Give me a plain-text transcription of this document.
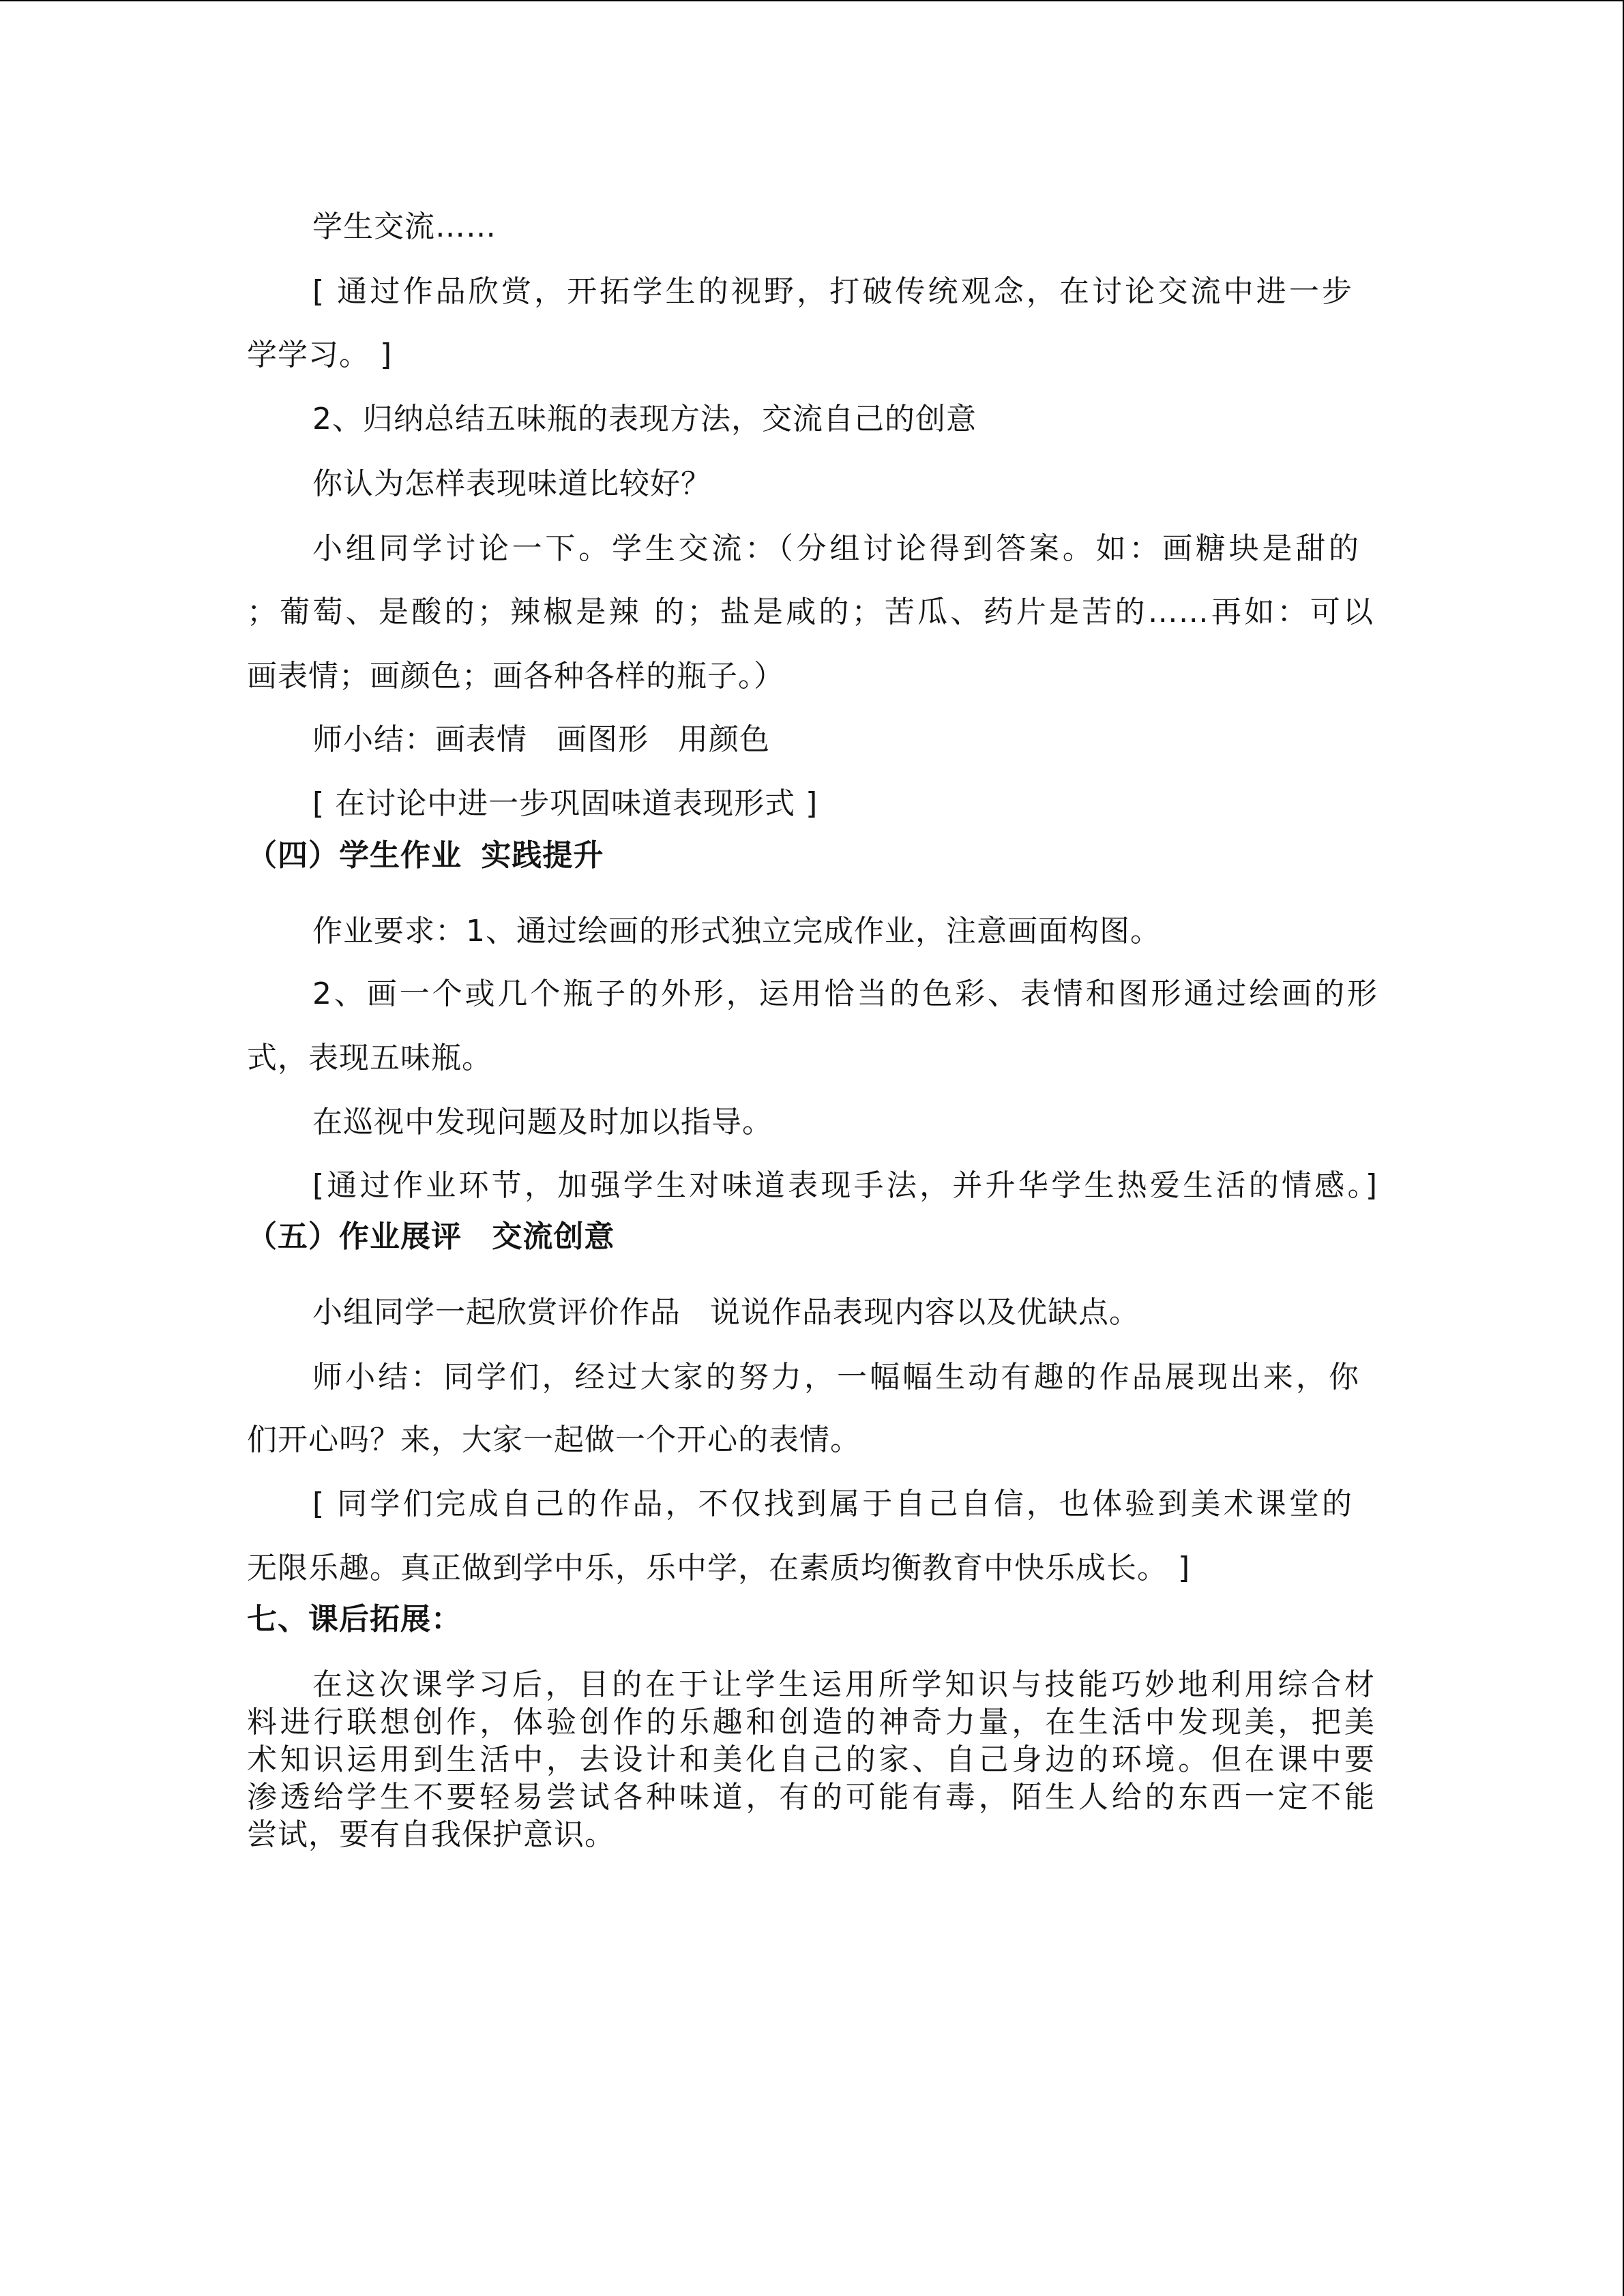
学生交流……
[ 通过作品欣赏，开拓学生的视野，打破传统观念，在讨论交流中进一步
学学习。 ]
2、归纳总结五味瓶的表现方法，交流自己的创意
你认为怎样表现味道比较好？
小组同学讨论一下。学生交流：（分组讨论得到答案。如：画糖块是甜的
；葡萄、是酸的；辣椒是辣 的；盐是咸的；苦瓜、药片是苦的……再如：可以
画表情；画颜色；画各种各样的瓶子。）
师小结：画表情 画图形 用颜色
[ 在讨论中进一步巩固味道表现形式 ]
（四）学生作业 实践提升
作业要求：1、通过绘画的形式独立完成作业，注意画面构图。
2、画一个或几个瓶子的外形，运用恰当的色彩、表情和图形通过绘画的形
式，表现五味瓶。
在巡视中发现问题及时加以指导。
[通过作业环节，加强学生对味道表现手法，并升华学生热爱生活的情感。]
（五）作业展评 交流创意
小组同学一起欣赏评价作品 说说作品表现内容以及优缺点。
师小结：同学们，经过大家的努力，一幅幅生动有趣的作品展现出来，你
们开心吗？来，大家一起做一个开心的表情。
[ 同学们完成自己的作品，不仅找到属于自己自信，也体验到美术课堂的
无限乐趣。真正做到学中乐，乐中学，在素质均衡教育中快乐成长。 ]
七、课后拓展：
在这次课学习后，目的在于让学生运用所学知识与技能巧妙地利用综合材
料进行联想创作，体验创作的乐趣和创造的神奇力量，在生活中发现美，把美
术知识运用到生活中，去设计和美化自己的家、自己身边的环境。但在课中要
渗透给学生不要轻易尝试各种味道，有的可能有毒，陌生人给的东西一定不能
尝试，要有自我保护意识。
